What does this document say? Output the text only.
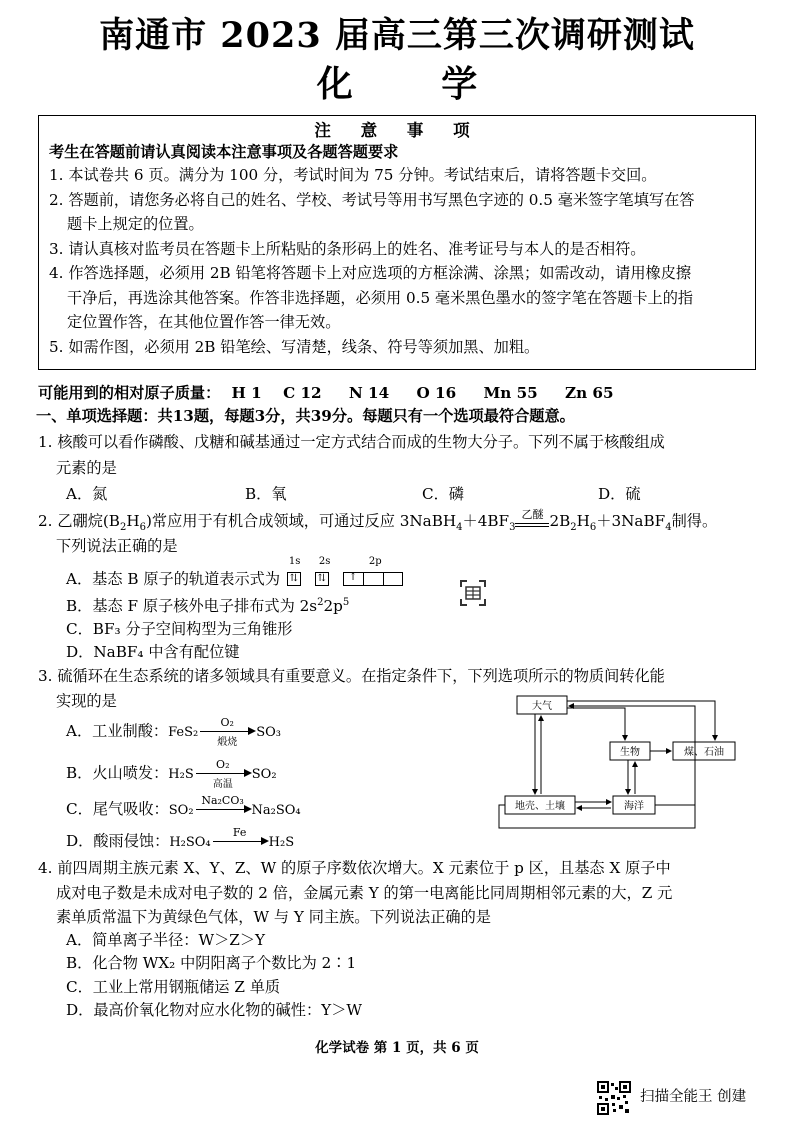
南通市 2023 届高三第三次调研测试
化 学
注 意 事 项
考生在答题前请认真阅读本注意事项及各题答题要求
1. 本试卷共 6 页。满分为 100 分，考试时间为 75 分钟。考试结束后，请将答题卡交回。
2. 答题前，请您务必将自己的姓名、学校、考试号等用书写黑色字迹的 0.5 毫米签字笔填写在答
题卡上规定的位置。
3. 请认真核对监考员在答题卡上所粘贴的条形码上的姓名、准考证号与本人的是否相符。
4. 作答选择题，必须用 2B 铅笔将答题卡上对应选项的方框涂满、涂黑；如需改动，请用橡皮擦
干净后，再选涂其他答案。作答非选择题，必须用 0.5 毫米黑色墨水的签字笔在答题卡上的指
定位置作答，在其他位置作答一律无效。
5. 如需作图，必须用 2B 铅笔绘、写清楚，线条、符号等须加黑、加粗。
可能用到的相对原子质量： H 1 C 12 N 14 O 16 Mn 55 Zn 65
一、单项选择题：共13题，每题3分，共39分。每题只有一个选项最符合题意。
1. 核酸可以看作磷酸、戊糖和碱基通过一定方式结合而成的生物大分子。下列不属于核酸组成
元素的是
A．氮	B．氧	C．磷	D．硫
2. 乙硼烷$(B_2H_6)$常应用于有机合成领域，可通过反应 $3NaBH_4+4BF_3$
乙醚 $2B_2H_6+3NaBF_4$制得。
下列说法正确的是
A．基态 B 原子的轨道表示式为
1s 2s	2p
⇅ ⇅ ↑
B．基态 F 原子核外电子排布式为 $2s^22p^5$
C．BF₃ 分子空间构型为三角锥形
D．NaBF₄ 中含有配位键
3. 硫循环在生态系统的诸多领域具有重要意义。在指定条件下，下列选项所示的物质间转化能
实现的是
A．工业制酸：FeS₂
O₂
煅烧
SO₃
B．火山喷发：H₂S
O₂
高温
SO₂
C．尾气吸收：SO₂
Na₂CO₃
Na₂SO₄
D．酸雨侵蚀：H₂SO₄
Fe
H₂S
大气
生物	煤、石油
地壳、土壤	海洋
4. 前四周期主族元素 X、Y、Z、W 的原子序数依次增大。X 元素位于 p 区，且基态 X 原子中
成对电子数是未成对电子数的 2 倍，金属元素 Y 的第一电离能比同周期相邻元素的大，Z 元
素单质常温下为黄绿色气体，W 与 Y 同主族。下列说法正确的是
A．简单离子半径：W＞Z＞Y
B．化合物 WX₂ 中阴阳离子个数比为 2∶1
C．工业上常用钢瓶储运 Z 单质
D．最高价氧化物对应水化物的碱性：Y＞W
化学试卷 第 1 页，共 6 页
扫描全能王 创建
